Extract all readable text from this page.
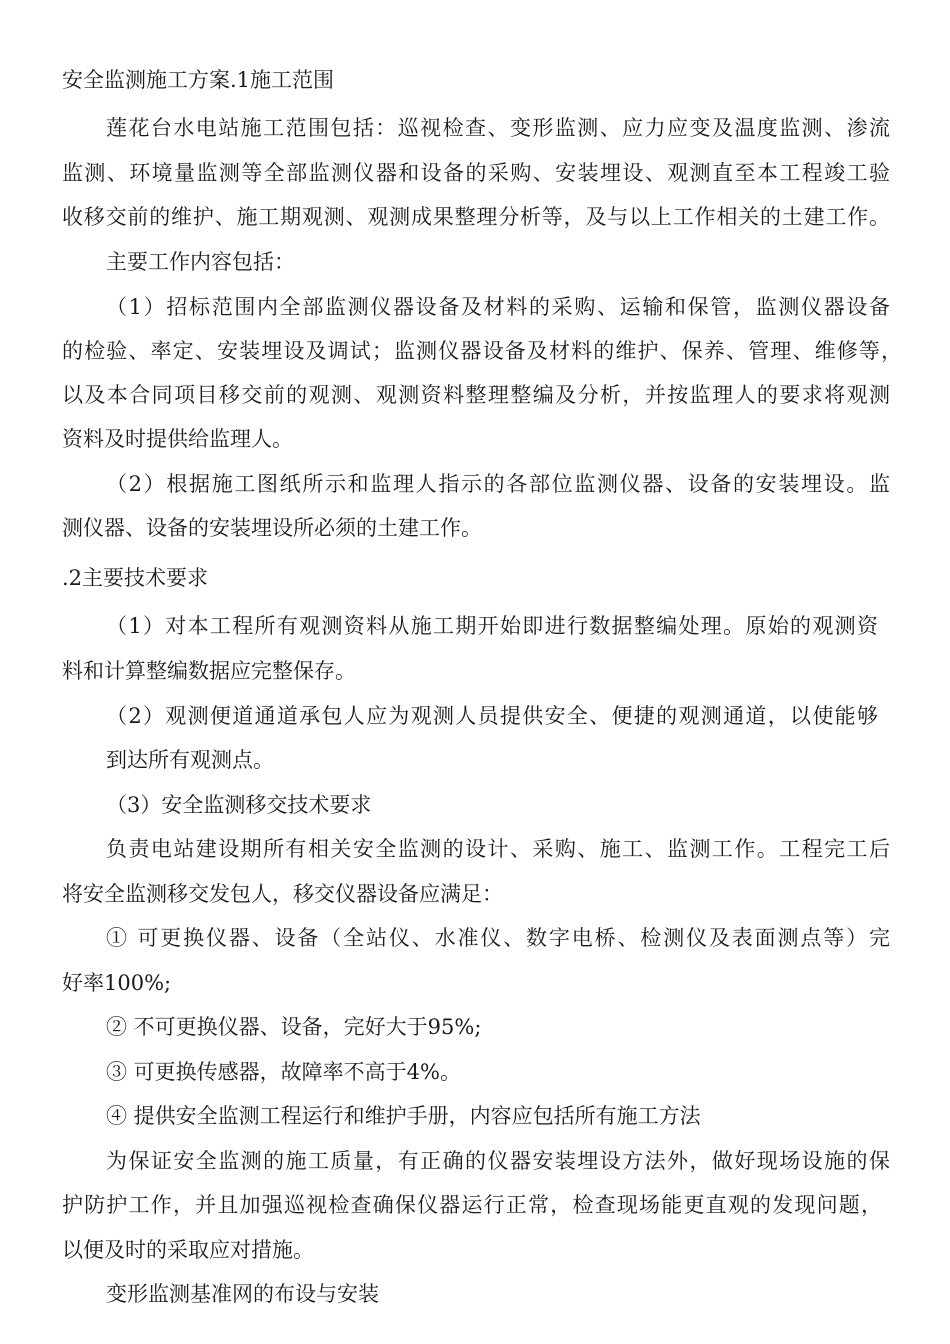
安全监测施工方案.1施工范围
莲花台水电站施工范围包括：巡视检查、变形监测、应力应变及温度监测、渗流
监测、环境量监测等全部监测仪器和设备的采购、安装埋设、观测直至本工程竣工验
收移交前的维护、施工期观测、观测成果整理分析等，及与以上工作相关的土建工作。
主要工作内容包括：
（1）招标范围内全部监测仪器设备及材料的采购、运输和保管，监测仪器设备
的检验、率定、安装埋设及调试；监测仪器设备及材料的维护、保养、管理、维修等，
以及本合同项目移交前的观测、观测资料整理整编及分析，并按监理人的要求将观测
资料及时提供给监理人。
（2）根据施工图纸所示和监理人指示的各部位监测仪器、设备的安装埋设。监
测仪器、设备的安装埋设所必须的土建工作。
.2主要技术要求
（1）对本工程所有观测资料从施工期开始即进行数据整编处理。原始的观测资
料和计算整编数据应完整保存。
（2）观测便道通道承包人应为观测人员提供安全、便捷的观测通道，以使能够
到达所有观测点。
（3）安全监测移交技术要求
负责电站建设期所有相关安全监测的设计、采购、施工、监测工作。工程完工后
将安全监测移交发包人，移交仪器设备应满足：
① 可更换仪器、设备（全站仪、水准仪、数字电桥、检测仪及表面测点等）完
好率100%;
② 不可更换仪器、设备，完好大于95%;
③ 可更换传感器，故障率不高于4%。
④ 提供安全监测工程运行和维护手册，内容应包括所有施工方法
为保证安全监测的施工质量，有正确的仪器安装埋设方法外，做好现场设施的保
护防护工作，并且加强巡视检查确保仪器运行正常，检查现场能更直观的发现问题，
以便及时的采取应对措施。
变形监测基准网的布设与安装
